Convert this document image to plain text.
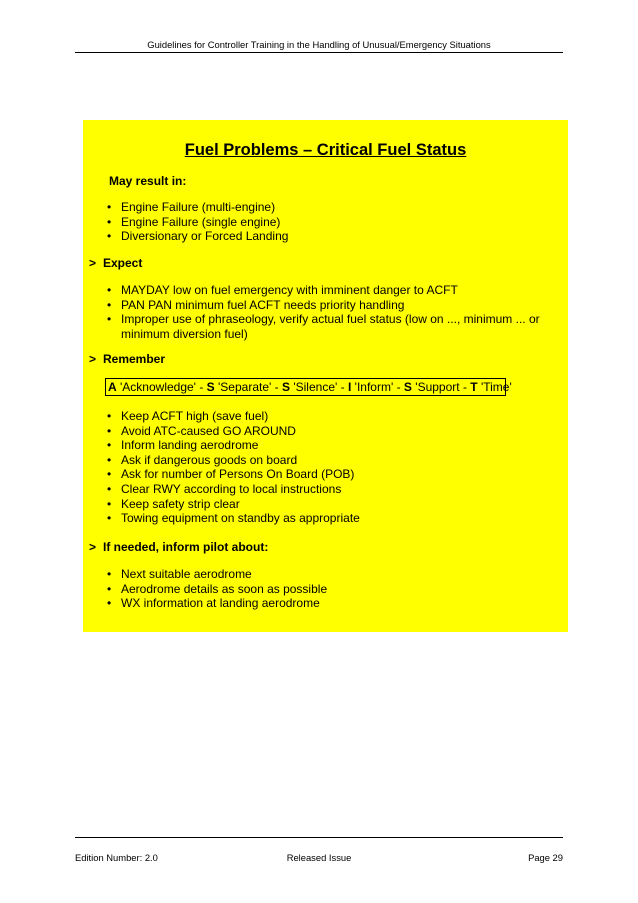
Guidelines for Controller Training in the Handling of Unusual/Emergency Situations
Fuel Problems – Critical Fuel Status
May result in:
• Engine Failure (multi-engine)
• Engine Failure (single engine)
• Diversionary or Forced Landing
> Expect
• MAYDAY low on fuel emergency with imminent danger to ACFT
• PAN PAN minimum fuel ACFT needs priority handling
• Improper use of phraseology, verify actual fuel status (low on ..., minimum ... or
minimum diversion fuel)
> Remember
A 'Acknowledge' - S 'Separate' - S 'Silence' - I 'Inform' - S 'Support - T 'Time'
• Keep ACFT high (save fuel)
• Avoid ATC-caused GO AROUND
• Inform landing aerodrome
• Ask if dangerous goods on board
• Ask for number of Persons On Board (POB)
• Clear RWY according to local instructions
• Keep safety strip clear
• Towing equipment on standby as appropriate
> If needed, inform pilot about:
• Next suitable aerodrome
• Aerodrome details as soon as possible
• WX information at landing aerodrome
Edition Number: 2.0	Released Issue	Page 29
